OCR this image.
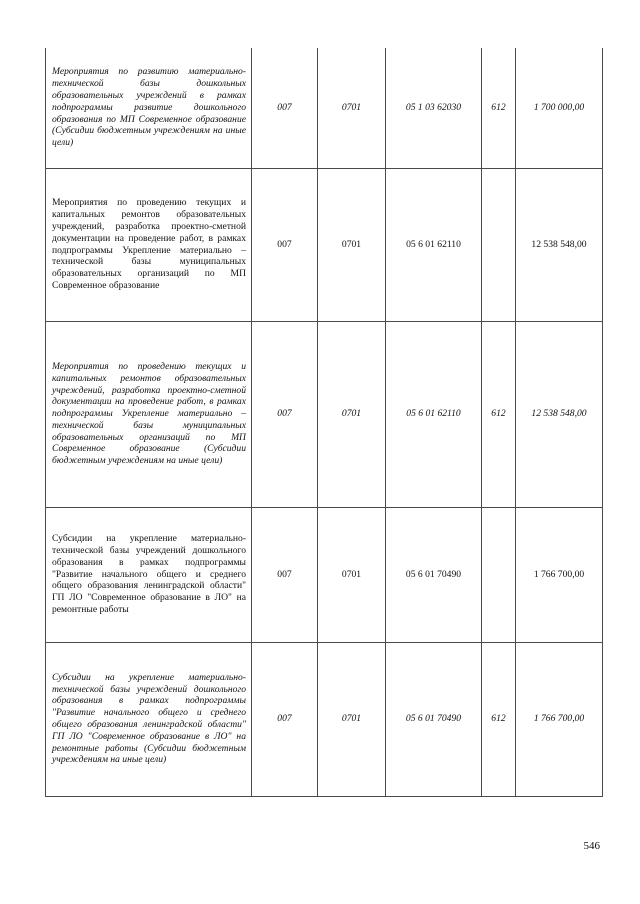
Мероприятия по развитию материально-технической базы дошкольных образовательных учреждений в рамках подпрограммы развитие дошкольного образования по МП Современное образование (Субсидии бюджетным учреждениям на иные цели)	007	0701	05 1 03 62030	612	1 700 000,00
Мероприятия по проведению текущих и капитальных ремонтов образовательных учреждений, разработка проектно-сметной документации на проведение работ, в рамках подпрограммы Укрепление материально – технической базы муниципальных образовательных организаций по МП Современное образование	007	0701	05 6 01 62110		12 538 548,00
Мероприятия по проведению текущих и капитальных ремонтов образовательных учреждений, разработка проектно-сметной документации на проведение работ, в рамках подпрограммы Укрепление материально – технической базы муниципальных образовательных организаций по МП Современное образование (Субсидии бюджетным учреждениям на иные цели)	007	0701	05 6 01 62110	612	12 538 548,00
Субсидии на укрепление материально-технической базы учреждений дошкольного образования в рамках подпрограммы "Развитие начального общего и среднего общего образования ленинградской области" ГП ЛО "Современное образование в ЛО" на ремонтные работы	007	0701	05 6 01 70490		1 766 700,00
Субсидии на укрепление материально-технической базы учреждений дошкольного образования в рамках подпрограммы "Развитие начального общего и среднего общего образования ленинградской области" ГП ЛО "Современное образование в ЛО" на ремонтные работы (Субсидии бюджетным учреждениям на иные цели)	007	0701	05 6 01 70490	612	1 766 700,00
546
